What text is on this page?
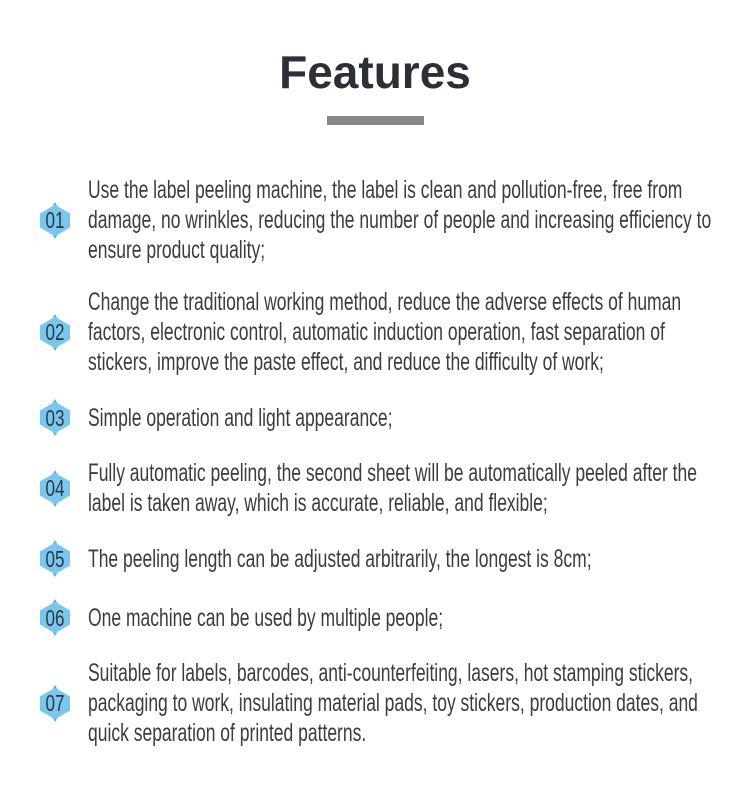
Features
01

Use the label peeling machine, the label is clean and pollution-free, free from damage, no wrinkles, reducing the number of people and increasing efficiency to ensure product quality;

02

Change the traditional working method, reduce the adverse effects of human factors, electronic control, automatic induction operation, fast separation of stickers, improve the paste effect, and reduce the difficulty of work;

03 Simple operation and light appearance;

04

Fully automatic peeling, the second sheet will be automatically peeled after the label is taken away, which is accurate, reliable, and flexible;

05 The peeling length can be adjusted arbitrarily, the longest is 8cm;

06 One machine can be used by multiple people;

07

Suitable for labels, barcodes, anti-counterfeiting, lasers, hot stamping stickers, packaging to work, insulating material pads, toy stickers, production dates, and quick separation of printed patterns.
